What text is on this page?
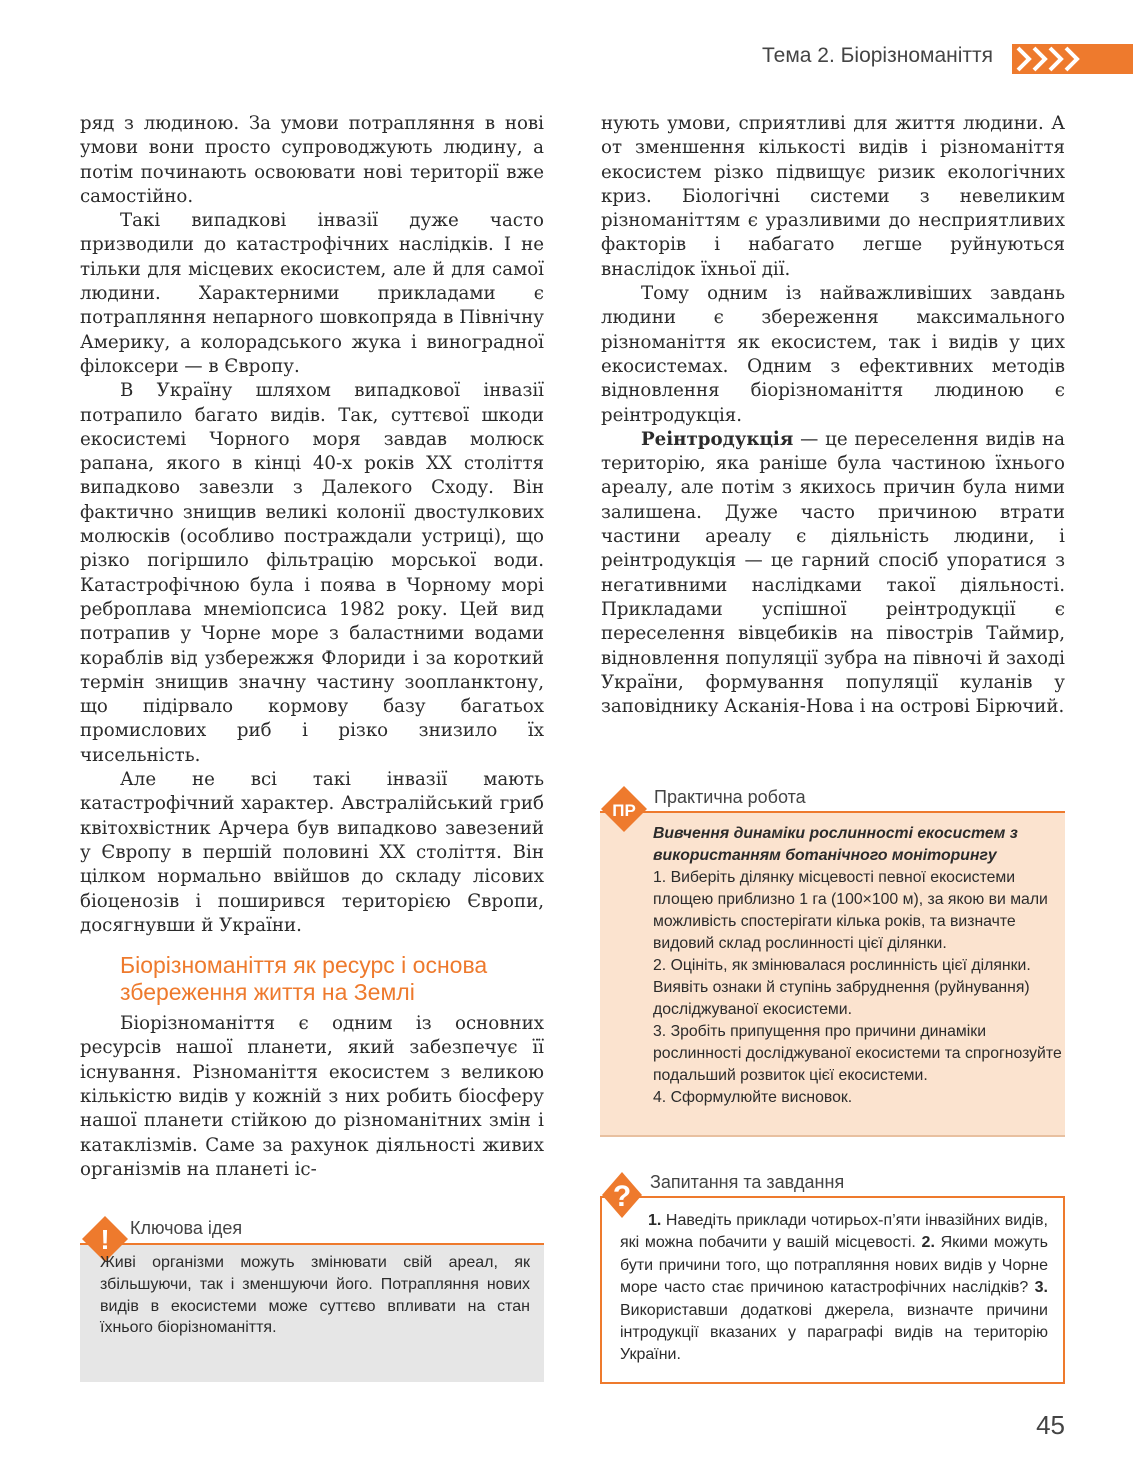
Тема 2. Біорізноманіття

ряд з людиною. За умови потрапляння в нові умови вони просто супроводжують людину, а потім починають освоювати нові території вже самостійно.

Такі випадкові інвазії дуже часто призводили до катастрофічних наслідків. І не тільки для місцевих екосистем, але й для самої людини. Характерними прикладами є потрапляння непарного шовкопряда в Північну Америку, а колорадського жука і виноградної філоксери — в Європу.

В Україну шляхом випадкової інвазії потрапило багато видів. Так, суттєвої шкоди екосистемі Чорного моря завдав молюск рапана, якого в кінці 40-х років XX століття випадково завезли з Далекого Сходу. Він фактично знищив великі колонії двостулкових молюсків (особливо постраждали устриці), що різко погіршило фільтрацію морської води. Катастрофічною була і поява в Чорному морі реброплава мнеміопсиса 1982 року. Цей вид потрапив у Чорне море з баластними водами кораблів від узбережжя Флориди і за короткий термін знищив значну частину зоопланктону, що підірвало кормову базу багатьох промислових риб і різко знизило їх чисельність.

Але не всі такі інвазії мають катастрофічний характер. Австралійський гриб квітохвістник Арчера був випадково завезений у Європу в першій половині XX століття. Він цілком нормально ввійшов до складу лісових біоценозів і поширився територією Європи, досягнувши й України.

Біорізноманіття як ресурс і основа збереження життя на Землі

Біорізноманіття є одним із основних ресурсів нашої планети, який забезпечує її існування. Різноманіття екосистем з великою кількістю видів у кожній з них робить біосферу нашої планети стійкою до різноманітних змін і катаклізмів. Саме за рахунок діяльності живих організмів на планеті іс-

нують умови, сприятливі для життя людини. А от зменшення кількості видів і різноманіття екосистем різко підвищує ризик екологічних криз. Біологічні системи з невеликим різноманіттям є уразливими до несприятливих факторів і набагато легше руйнуються внаслідок їхньої дії.

Тому одним із найважливіших завдань людини є збереження максимального різноманіття як екосистем, так і видів у цих екосистемах. Одним з ефективних методів відновлення біорізноманіття людиною є реінтродукція.

Реінтродукція — це переселення видів на територію, яка раніше була частиною їхнього ареалу, але потім з якихось причин була ними залишена. Дуже часто причиною втрати частини ареалу є діяльність людини, і реінтродукція — це гарний спосіб упоратися з негативними наслідками такої діяльності. Прикладами успішної реінтродукції є переселення вівцебиків на півострів Таймир, відновлення популяції зубра на півночі й заході України, формування популяції куланів у заповіднику Асканія-Нова і на острові Бірючий.

! Ключова ідея
Живі організми можуть змінювати свій ареал, як збільшуючи, так і зменшуючи його. Потрапляння нових видів в екосистеми може суттєво впливати на стан їхнього біорізноманіття.
ПР
Практична робота
Вивчення динаміки рослинності екосистем з використанням ботанічного моніторингу
1. Виберіть ділянку місцевості певної екосистеми площею приблизно 1 га (100×100 м), за якою ви мали можливість спостерігати кілька років, та визначте видовий склад рослинності цієї ділянки.
2. Оцініть, як змінювалася рослинність цієї ділянки. Виявіть ознаки й ступінь забруднення (руйнування) досліджуваної екосистеми.
3. Зробіть припущення про причини динаміки рослинності досліджуваної екосистеми та спрогнозуйте подальший розвиток цієї екосистеми.
4. Сформулюйте висновок.
? Запитання та завдання
1. Наведіть приклади чотирьох-п’яти інвазійних видів, які можна побачити у вашій місцевості. 2. Якими можуть бути причини того, що потрапляння нових видів у Чорне море часто стає причиною катастрофічних наслідків? 3. Використавши додаткові джерела, визначте причини інтродукції вказаних у параграфі видів на територію України.
45
